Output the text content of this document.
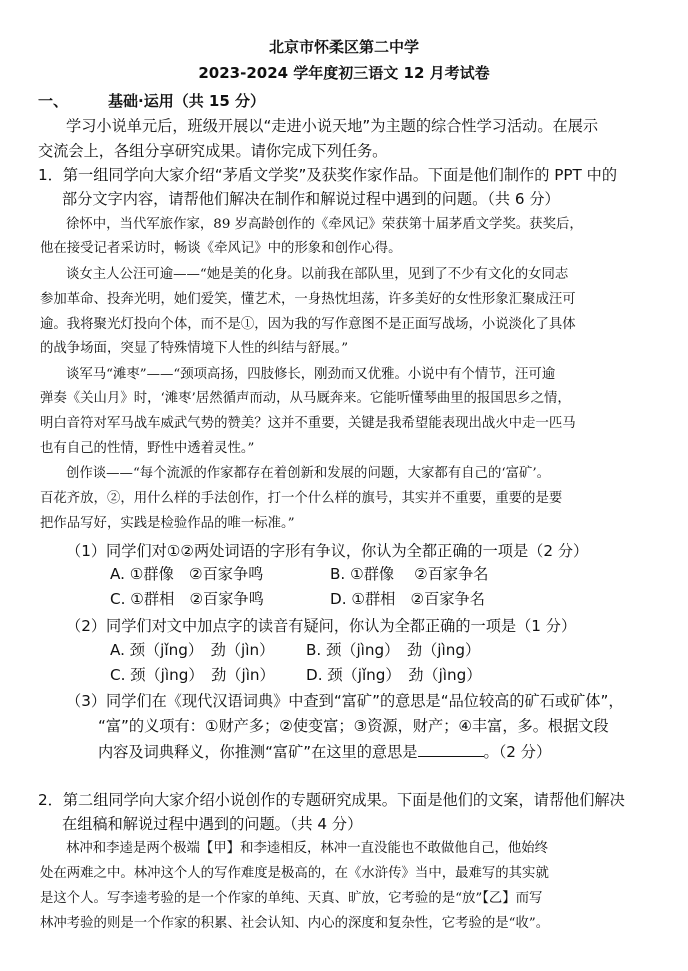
北京市怀柔区第二中学
2023-2024 学年度初三语文 12 月考试卷
一、	基础·运用（共 15 分）
学习小说单元后，班级开展以“走进小说天地”为主题的综合性学习活动。在展示
交流会上，各组分享研究成果。请你完成下列任务。
1．第一组同学向大家介绍“茅盾文学奖”及获奖作家作品。下面是他们制作的 PPT 中的
部分文字内容，请帮他们解决在制作和解说过程中遇到的问题。（共 6 分）
徐怀中，当代军旅作家，89 岁高龄创作的《牵风记》荣获第十届茅盾文学奖。获奖后，
他在接受记者采访时，畅谈《牵风记》中的形象和创作心得。
谈女主人公汪可逾——“她是美的化身。以前我在部队里，见到了不少有文化的女同志
参加革命、投奔光明，她们爱笑，懂艺术，一身热忱坦荡，许多美好的女性形象汇聚成汪可
逾。我将聚光灯投向个体，而不是①，因为我的写作意图不是正面写战场，小说淡化了具体
的战争场面，突显了特殊情境下人性的纠结与舒展。”
谈军马“滩枣”——“颈项高扬，四肢修长，刚劲而又优雅。小说中有个情节，汪可逾
弹奏《关山月》时，‘滩枣’居然循声而动，从马厩奔来。它能听懂琴曲里的报国思乡之情，
明白音符对军马战车威武气势的赞美？这并不重要，关键是我希望能表现出战火中走一匹马
也有自己的性情，野性中透着灵性。”
创作谈——“每个流派的作家都存在着创新和发展的问题，大家都有自己的‘富矿’。
百花齐放，②，用什么样的手法创作，打一个什么样的旗号，其实并不重要，重要的是要
把作品写好，实践是检验作品的唯一标准。”
（1）同学们对①②两处词语的字形有争议，你认为全都正确的一项是（2 分）
A. ①群像　②百家争鸣	B. ①群像　 ②百家争名
C. ①群相　②百家争鸣	D. ①群相　②百家争名
（2）同学们对文中加点字的读音有疑问，你认为全都正确的一项是（1 分）
A. 颈（jǐng）　劲（jìn） B. 颈（jìng）　劲（jìng）
C. 颈（jìng）　劲（jìn） D. 颈（jǐng）　劲（jìng）
（3）同学们在《现代汉语词典》中查到“富矿”的意思是“品位较高的矿石或矿体”，
“富”的义项有：①财产多；②使变富；③资源，财产；④丰富，多。根据文段
内容及词典释义，你推测“富矿”在这里的意思是	。（2 分）
2．第二组同学向大家介绍小说创作的专题研究成果。下面是他们的文案，请帮他们解决
在组稿和解说过程中遇到的问题。（共 4 分）
林冲和李逵是两个极端【甲】和李逵相反，林冲一直没能也不敢做他自己，他始终
处在两难之中。林冲这个人的写作难度是极高的，在《水浒传》当中，最难写的其实就
是这个人。写李逵考验的是一个作家的单纯、天真、旷放，它考验的是“放”【乙】而写
林冲考验的则是一个作家的积累、社会认知、内心的深度和复杂性，它考验的是“收”。
